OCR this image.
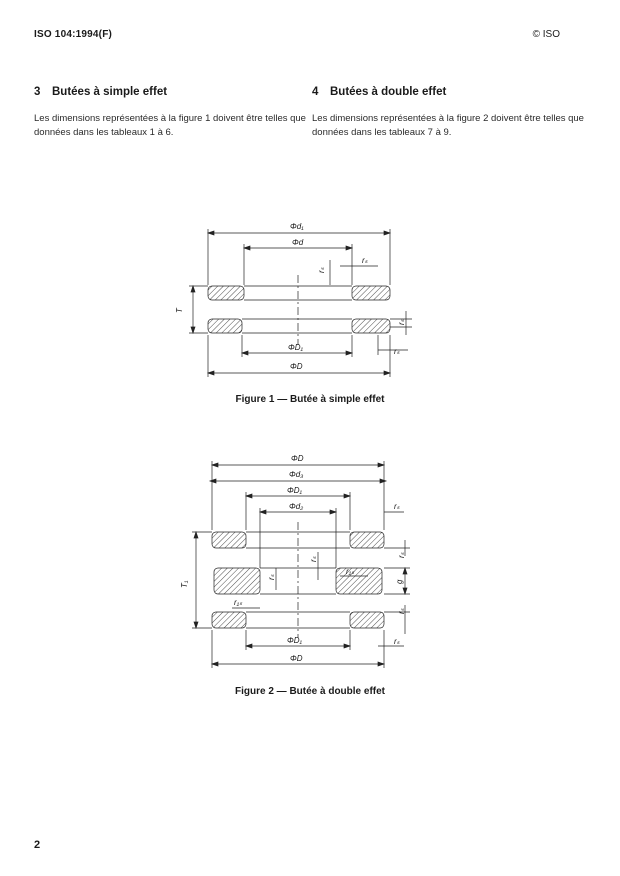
ISO 104:1994(F)	© ISO
3 Butées à simple effet
Les dimensions représentées à la figure 1 doivent être telles que données dans les tableaux 1 à 6.
4 Butées à double effet
Les dimensions représentées à la figure 2 doivent être telles que données dans les tableaux 7 à 9.
Φd₁
Φd
rₛ
rₛ
T
rₛ
ΦD₁	rₛ
ΦD
Figure 1 — Butée à simple effet
ΦD
Φd₃
ΦD₁
Φd₂	rₛ
rₛ
rₛ
r₁ₛ
rₛ
g
T₁
r₁ₛ
rₛ
rₛ
ΦD₁
ΦD
Figure 2 — Butée à double effet
2
